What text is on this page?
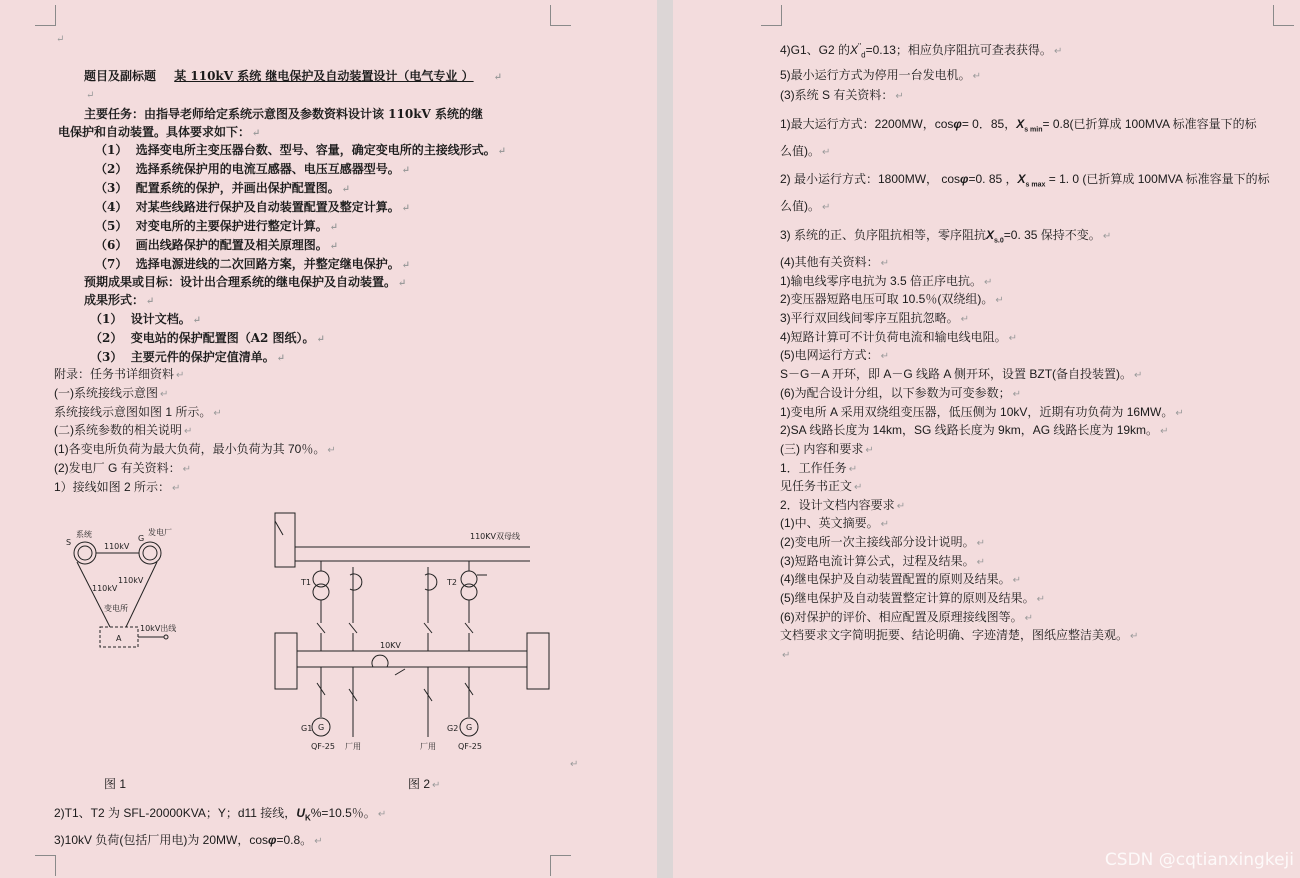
↵
题目及副标题 某 110kV 系统 继电保护及自动装置设计（电气专业 ） ↵
↵
主要任务：由指导老师给定系统示意图及参数资料设计该 110kV 系统的继
电保护和自动装置。具体要求如下： ↵
（1） 选择变电所主变压器台数、型号、容量，确定变电所的主接线形式。 ↵
（2） 选择系统保护用的电流互感器、电压互感器型号。 ↵
（3） 配置系统的保护，并画出保护配置图。 ↵
（4） 对某些线路进行保护及自动装置配置及整定计算。 ↵
（5） 对变电所的主要保护进行整定计算。 ↵
（6） 画出线路保护的配置及相关原理图。 ↵
（7） 选择电源进线的二次回路方案，并整定继电保护。 ↵
预期成果或目标：设计出合理系统的继电保护及自动装置。 ↵
成果形式： ↵
（1） 设计文档。 ↵
（2） 变电站的保护配置图（A2 图纸）。 ↵
（3） 主要元件的保护定值清单。 ↵
附录：任务书详细资料 ↵
(一)系统接线示意图 ↵
系统接线示意图如图 1 所示。 ↵
(二)系统参数的相关说明 ↵
(1)各变电所负荷为最大负荷，最小负荷为其 70％。 ↵
(2)发电厂 G 有关资料： ↵
1）接线如图 2 所示： ↵
S
系统	G
发电厂
110kV
110kV
110kV
变电所
A
10kV出线
110KV双母线
T1	T2
10KV
G1 G	G2 G
QF-25	QF-25
厂用	厂用
↵
图 1	图 2 ↵
2)T1、T2 为 SFL-20000KVA；Y；d11 接线，$U_K\%=10.5$％。 ↵
3)10kV 负荷(包括厂用电)为 20MW，cosφ=0.8。 ↵
4)G1、G2 的$X''_d=0.13$；相应负序阻抗可查表获得。 ↵
5)最小运行方式为停用一台发电机。 ↵
(3)系统 S 有关资料： ↵
1)最大运行方式：2200MW，cosφ= 0．85，$X_{s min}= 0.8$(已折算成 100MVA 标准容量下的标
么值)。 ↵
2) 最小运行方式：1800MW， cosφ=0. 85 ，$X_{s max} = 1$. 0 (已折算成 100MVA 标准容量下的标
么值)。 ↵
3) 系统的正、负序阻抗相等，零序阻抗$X_{s.0}=0$. 35 保持不变。 ↵
(4)其他有关资料： ↵
1)输电线零序电抗为 3.5 倍正序电抗。 ↵
2)变压器短路电压可取 10.5％(双绕组)。 ↵
3)平行双回线间零序互阻抗忽略。 ↵
4)短路计算可不计负荷电流和输电线电阻。 ↵
(5)电网运行方式： ↵
S－G－A 开环，即 A－G 线路 A 侧开环，设置 BZT(备自投装置)。 ↵
(6)为配合设计分组，以下参数为可变参数； ↵
1)变电所 A 采用双绕组变压器，低压侧为 10kV，近期有功负荷为 16MW。 ↵
2)SA 线路长度为 14km，SG 线路长度为 9km，AG 线路长度为 19km。 ↵
(三) 内容和要求 ↵
1．工作任务 ↵
见任务书正文 ↵
2．设计文档内容要求 ↵
(1)中、英文摘要。 ↵
(2)变电所一次主接线部分设计说明。 ↵
(3)短路电流计算公式，过程及结果。 ↵
(4)继电保护及自动装置配置的原则及结果。 ↵
(5)继电保护及自动装置整定计算的原则及结果。 ↵
(6)对保护的评价、相应配置及原理接线图等。 ↵
文档要求文字简明扼要、结论明确、字迹清楚，图纸应整洁美观。 ↵
↵
CSDN @cqtianxingkeji
